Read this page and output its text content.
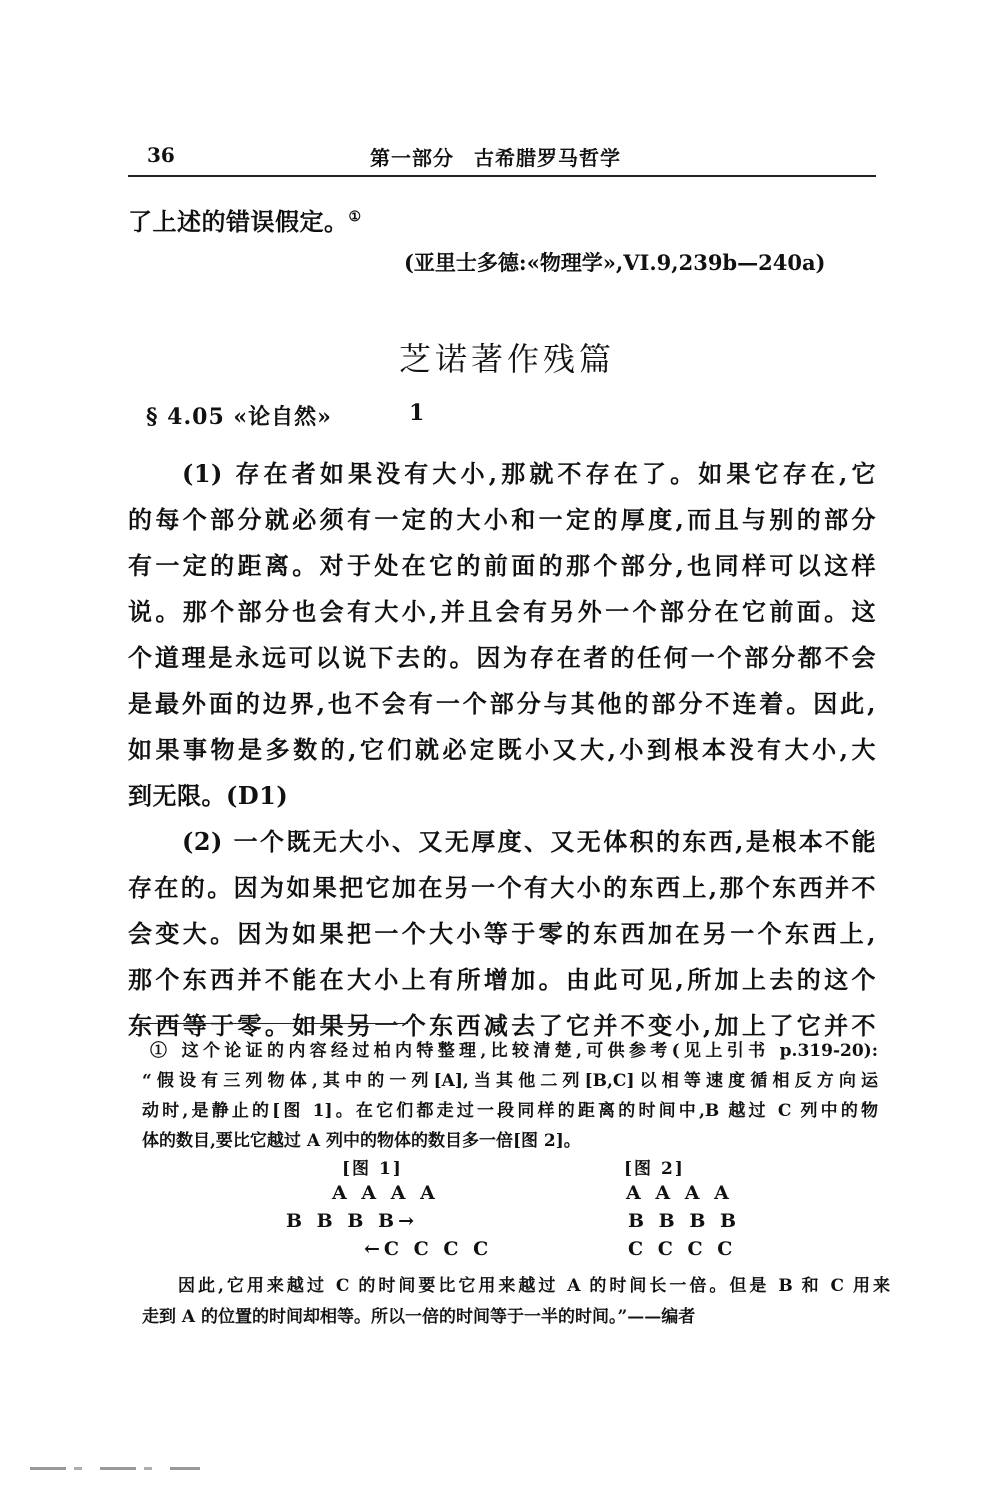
36	第一部分 古希腊罗马哲学
了上述的错误假定。①
(亚里士多德:«物理学»,VI.9,239b—240a)
芝诺著作残篇
§ 4.05 «论自然»	1
(1) 存在者如果没有大小,那就不存在了。如果它存在,它
的每个部分就必须有一定的大小和一定的厚度,而且与别的部分
有一定的距离。对于处在它的前面的那个部分,也同样可以这样
说。那个部分也会有大小,并且会有另外一个部分在它前面。这
个道理是永远可以说下去的。因为存在者的任何一个部分都不会
是最外面的边界,也不会有一个部分与其他的部分不连着。因此,
如果事物是多数的,它们就必定既小又大,小到根本没有大小,大
到无限。(D1)
(2) 一个既无大小、又无厚度、又无体积的东西,是根本不能
存在的。因为如果把它加在另一个有大小的东西上,那个东西并不
会变大。因为如果把一个大小等于零的东西加在另一个东西上,
那个东西并不能在大小上有所增加。由此可见,所加上去的这个
东西等于零。如果另一个东西减去了它并不变小,加上了它并不
① 这个论证的内容经过柏内特整理,比较清楚,可供参考(见上引书 p.319-20):
“假设有三列物体,其中的一列[A],当其他二列[B,C]以相等速度循相反方向运
动时,是静止的[图 1]。在它们都走过一段同样的距离的时间中,B 越过 C 列中的物
体的数目,要比它越过 A 列中的物体的数目多一倍[图 2]。
[图 1]
A A A A
B B B B→
←C C C C
[图 2]
A A A A
B B B B
C C C C
因此,它用来越过 C 的时间要比它用来越过 A 的时间长一倍。但是 B 和 C 用来
走到 A 的位置的时间却相等。所以一倍的时间等于一半的时间。”——编者
